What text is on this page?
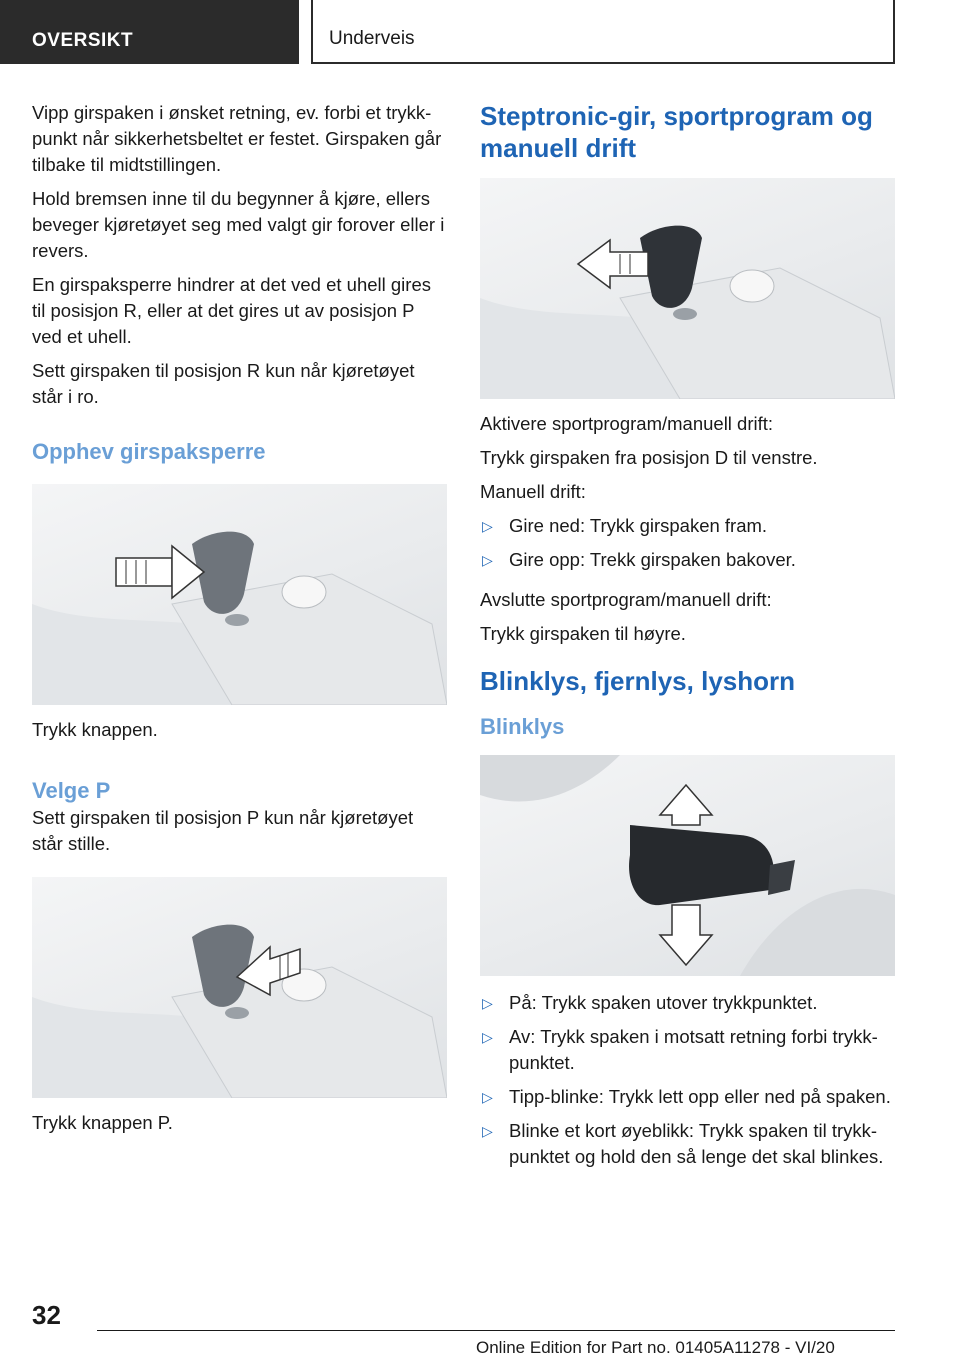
OVERSIKT	Underveis

Vipp girspaken i ønsket retning, ev. forbi et trykkpunkt når sikkerhetsbeltet er festet. Girspaken går tilbake til midtstillingen.

Hold bremsen inne til du begynner å kjøre, ellers beveger kjøretøyet seg med valgt gir forover eller i revers.

En girspaksperre hindrer at det ved et uhell gires til posisjon R, eller at det gires ut av posisjon P ved et uhell.

Sett girspaken til posisjon R kun når kjøretøyet står i ro.

Opphev girspaksperre

Trykk knappen.

Velge P

Sett girspaken til posisjon P kun når kjøretøyet står stille.

Trykk knappen P.

Steptronic-gir, sportprogram og manuell drift

Aktivere sportprogram/manuell drift:

Trykk girspaken fra posisjon D til venstre.

Manuell drift:

▷ Gire ned: Trykk girspaken fram.
▷ Gire opp: Trekk girspaken bakover.

Avslutte sportprogram/manuell drift:

Trykk girspaken til høyre.

Blinklys, fjernlys, lyshorn
Blinklys
▷ På: Trykk spaken utover trykkpunktet.
▷ Av: Trykk spaken i motsatt retning forbi trykkpunktet.
▷ Tipp-blinke: Trykk lett opp eller ned på spaken.
▷ Blinke et kort øyeblikk: Trykk spaken til trykkpunktet og hold den så lenge det skal blinkes.
32
Online Edition for Part no. 01405A11278 - VI/20
